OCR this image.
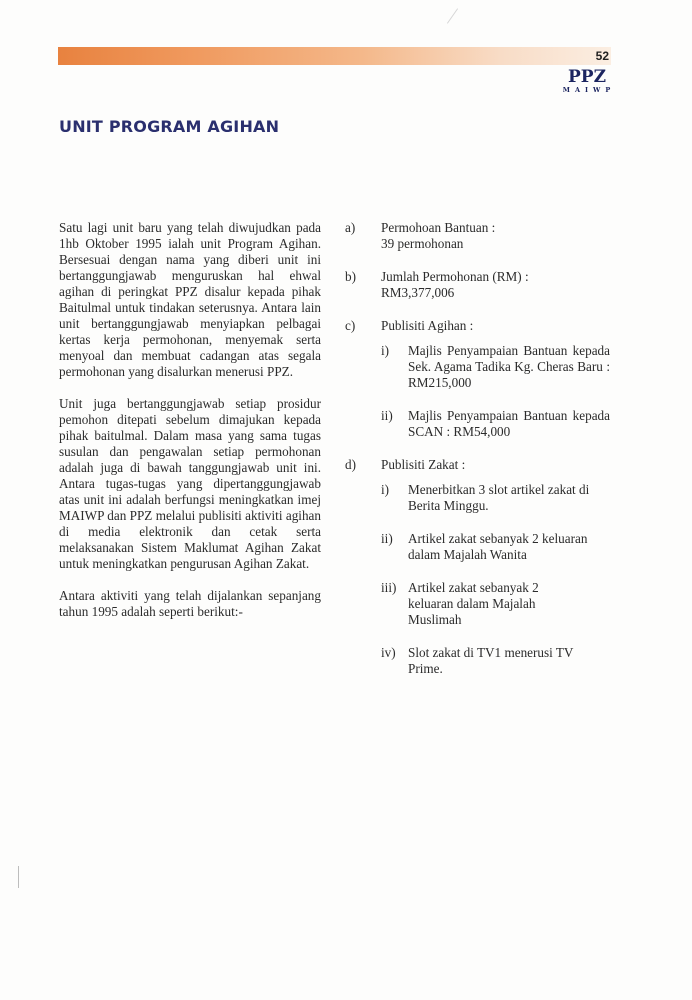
52
PPZ
MAIWP
UNIT PROGRAM AGIHAN

Satu lagi unit baru yang telah diwujudkan pada 1hb Oktober 1995 ialah unit Program Agihan. Bersesuai dengan nama yang diberi unit ini bertanggungjawab menguruskan hal ehwal agihan di peringkat PPZ disalur kepada pihak Baitulmal untuk tindakan seterusnya. Antara lain unit bertanggungjawab menyiapkan pelbagai kertas kerja permohonan, menyemak serta menyoal dan membuat cadangan atas segala permohonan yang disalurkan menerusi PPZ.

Unit juga bertanggungjawab setiap prosidur pemohon ditepati sebelum dimajukan kepada pihak baitulmal. Dalam masa yang sama tugas susulan dan pengawalan setiap permohonan adalah juga di bawah tanggungjawab unit ini. Antara tugas-tugas yang dipertanggungjawab atas unit ini adalah berfungsi meningkatkan imej MAIWP dan PPZ melalui publisiti aktiviti agihan di media elektronik dan cetak serta melaksanakan Sistem Maklumat Agihan Zakat untuk meningkatkan pengurusan Agihan Zakat.

Antara aktiviti yang telah dijalankan sepanjang tahun 1995 adalah seperti berikut:-

a) Permohoan Bantuan :
39 permohonan
b) Jumlah Permohonan (RM) :
RM3,377,006
c) Publisiti Agihan :
i) Majlis Penyampaian Bantuan kepada Sek. Agama Tadika Kg. Cheras Baru : RM215,000
ii) Majlis Penyampaian Bantuan kepada SCAN : RM54,000
d) Publisiti Zakat :
i) Menerbitkan 3 slot artikel zakat di Berita Minggu.
ii) Artikel zakat sebanyak 2 keluaran dalam Majalah Wanita
iii) Artikel zakat sebanyak 2 keluaran dalam Majalah Muslimah
iv) Slot zakat di TV1 menerusi TV Prime.
